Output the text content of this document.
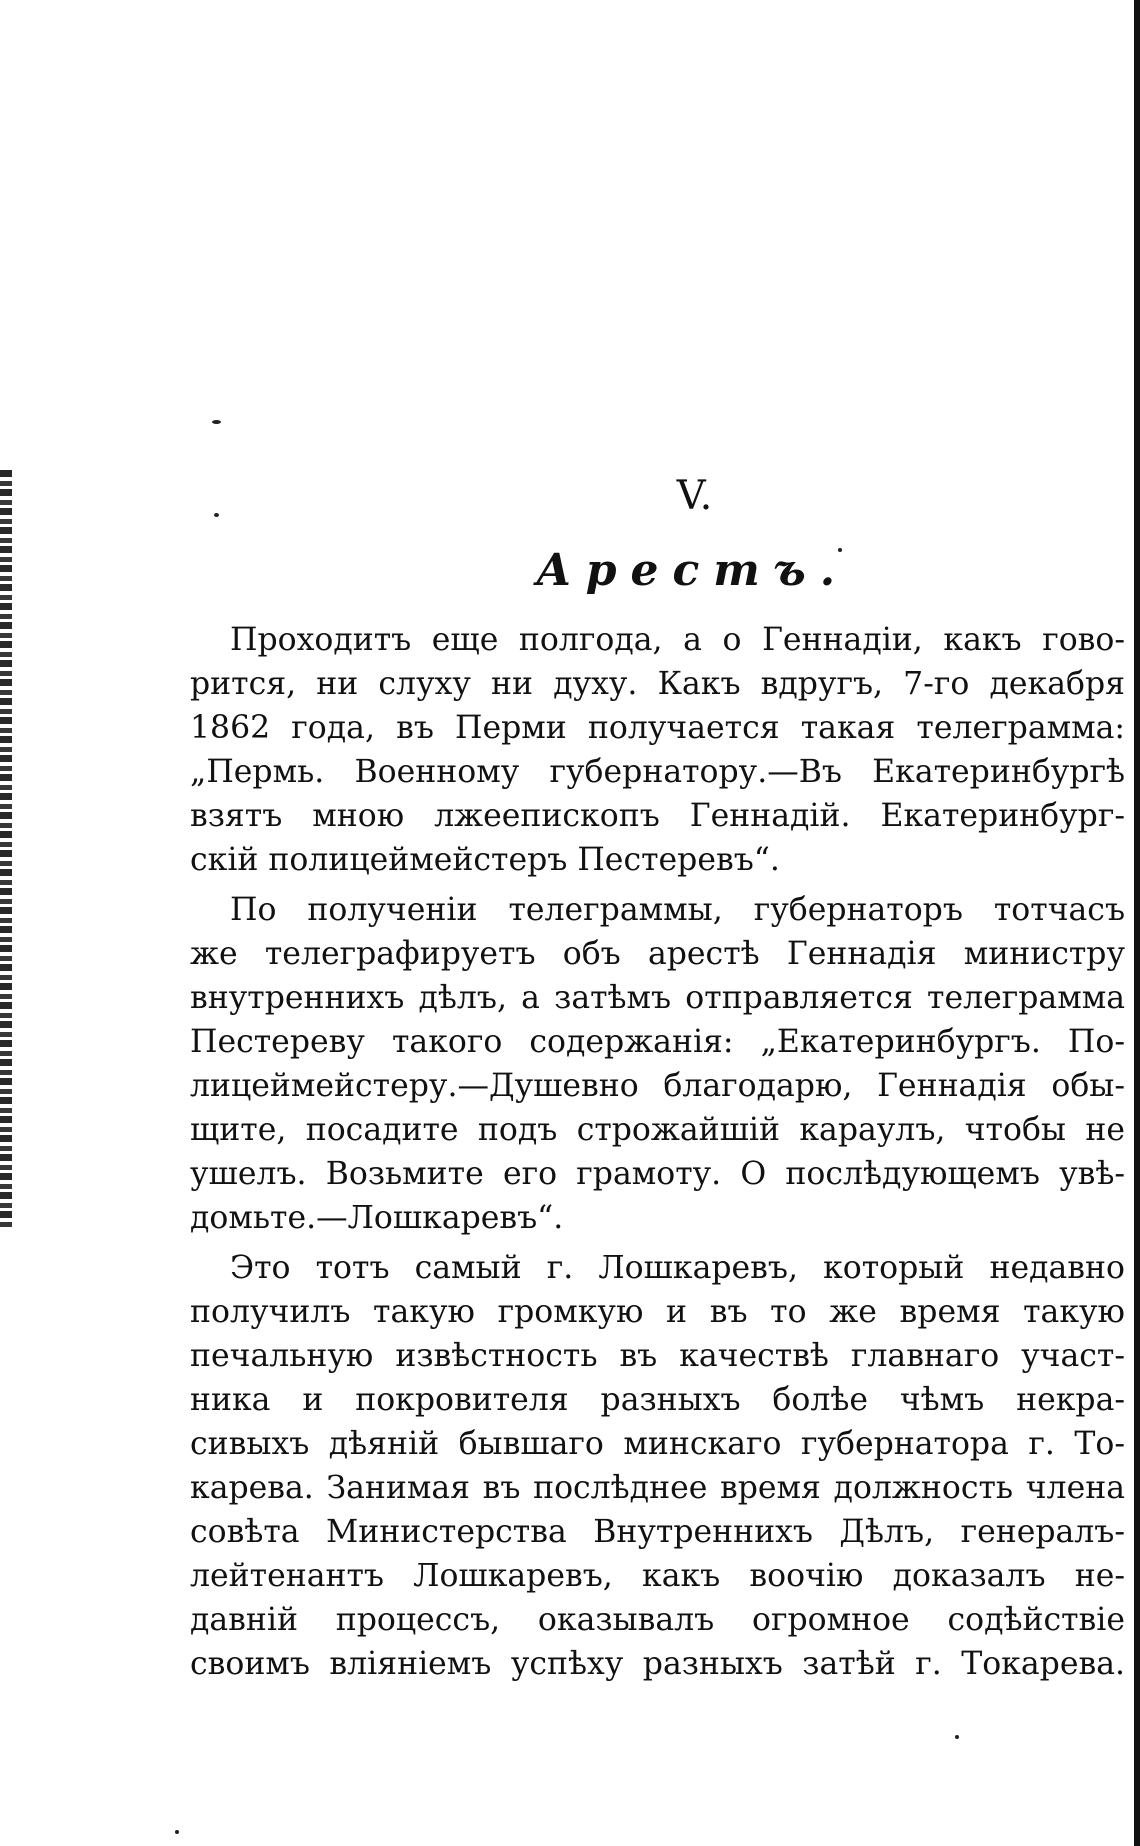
V.
Арестъ.
Проходитъ еще полгода, а о Геннадіи, какъ гово-
рится, ни слуху ни духу. Какъ вдругъ, 7-го декабря
1862 года, въ Перми получается такая телеграмма:
„Пермь. Военному губернатору.—Въ Екатеринбургѣ
взятъ мною лжеепископъ Геннадій. Екатеринбург-
скій полицеймейстеръ Пестеревъ“.
По полученіи телеграммы, губернаторъ тотчасъ
же телеграфируетъ объ арестѣ Геннадія министру
внутреннихъ дѣлъ, а затѣмъ отправляется телеграмма
Пестереву такого содержанія: „Екатеринбургъ. По-
лицеймейстеру.—Душевно благодарю, Геннадія обы-
щите, посадите подъ строжайшій караулъ, чтобы не
ушелъ. Возьмите его грамоту. О послѣдующемъ увѣ-
домьте.—Лошкаревъ“.
Это тотъ самый г. Лошкаревъ, который недавно
получилъ такую громкую и въ то же время такую
печальную извѣстность въ качествѣ главнаго участ-
ника и покровителя разныхъ болѣе чѣмъ некра-
сивыхъ дѣяній бывшаго минскаго губернатора г. То-
карева. Занимая въ послѣднее время должность члена
совѣта Министерства Внутреннихъ Дѣлъ, генералъ-
лейтенантъ Лошкаревъ, какъ воочію доказалъ не-
давній процессъ, оказывалъ огромное содѣйствіе
своимъ вліяніемъ успѣху разныхъ затѣй г. Токарева.
